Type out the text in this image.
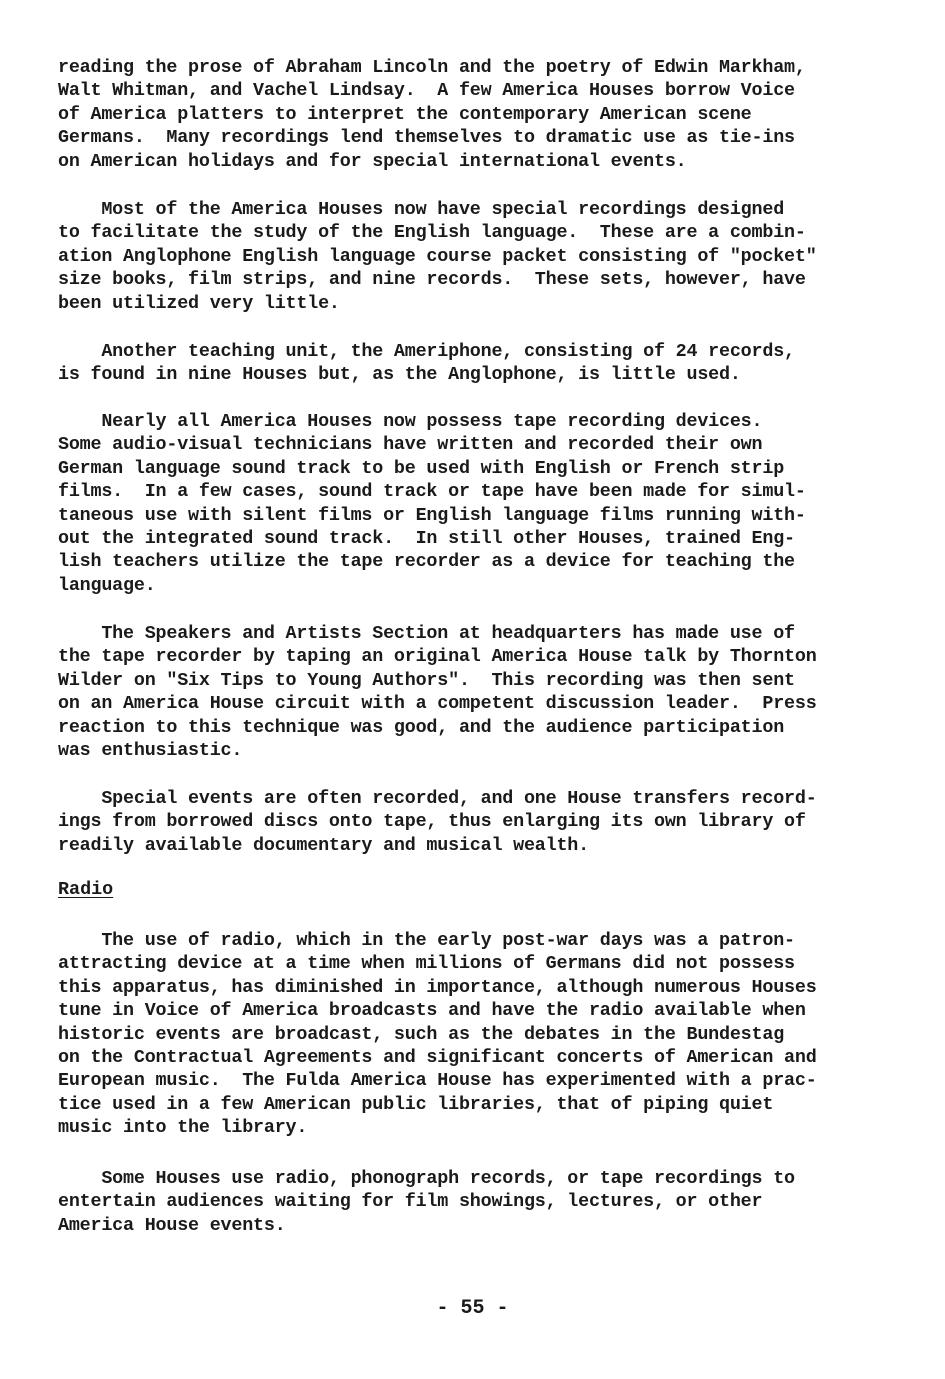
reading the prose of Abraham Lincoln and the poetry of Edwin Markham,
Walt Whitman, and Vachel Lindsay.  A few America Houses borrow Voice
of America platters to interpret the contemporary American scene
Germans.  Many recordings lend themselves to dramatic use as tie-ins
on American holidays and for special international events.

Most of the America Houses now have special recordings designed
to facilitate the study of the English language.  These are a combin-
ation Anglophone English language course packet consisting of "pocket"
size books, film strips, and nine records.  These sets, however, have
been utilized very little.

Another teaching unit, the Ameriphone, consisting of 24 records,
is found in nine Houses but, as the Anglophone, is little used.

Nearly all America Houses now possess tape recording devices.
Some audio-visual technicians have written and recorded their own
German language sound track to be used with English or French strip
films.  In a few cases, sound track or tape have been made for simul-
taneous use with silent films or English language films running with-
out the integrated sound track.  In still other Houses, trained Eng-
lish teachers utilize the tape recorder as a device for teaching the
language.

The Speakers and Artists Section at headquarters has made use of
the tape recorder by taping an original America House talk by Thornton
Wilder on "Six Tips to Young Authors".  This recording was then sent
on an America House circuit with a competent discussion leader.  Press
reaction to this technique was good, and the audience participation
was enthusiastic.

Special events are often recorded, and one House transfers record-
ings from borrowed discs onto tape, thus enlarging its own library of
readily available documentary and musical wealth.

Radio

The use of radio, which in the early post-war days was a patron-
attracting device at a time when millions of Germans did not possess
this apparatus, has diminished in importance, although numerous Houses
tune in Voice of America broadcasts and have the radio available when
historic events are broadcast, such as the debates in the Bundestag
on the Contractual Agreements and significant concerts of American and
European music.  The Fulda America House has experimented with a prac-
tice used in a few American public libraries, that of piping quiet
music into the library.

Some Houses use radio, phonograph records, or tape recordings to
entertain audiences waiting for film showings, lectures, or other
America House events.

- 55 -
